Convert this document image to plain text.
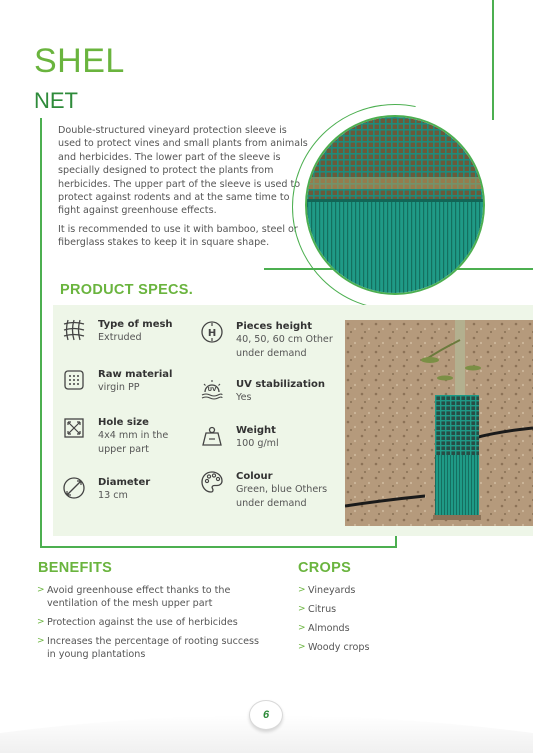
SHEL
NET

Double-structured vineyard protection sleeve is used to protect vines and small plants from animals and herbicides. The lower part of the sleeve is specially designed to protect the plants from herbicides. The upper part of the sleeve is used to protect against rodents and at the same time to fight against greenhouse effects.

It is recommended to use it with bamboo, steel or fiberglass stakes to keep it in square shape.

PRODUCT SPECS.
Type of mesh
Extruded
Raw material
virgin PP
Hole size
4x4 mm in the upper part
Diameter
13 cm
H
Pieces height
40, 50, 60 cm Other under demand
UV UV stabilization
Yes
Weight
100 g/ml
Colour
Green, blue Others under demand
BENEFITS
> Avoid greenhouse effect thanks to the ventilation of the mesh upper part
> Protection against the use of herbicides
> Increases the percentage of rooting success in young plantations
CROPS
> Vineyards
> Citrus
> Almonds
> Woody crops
6
